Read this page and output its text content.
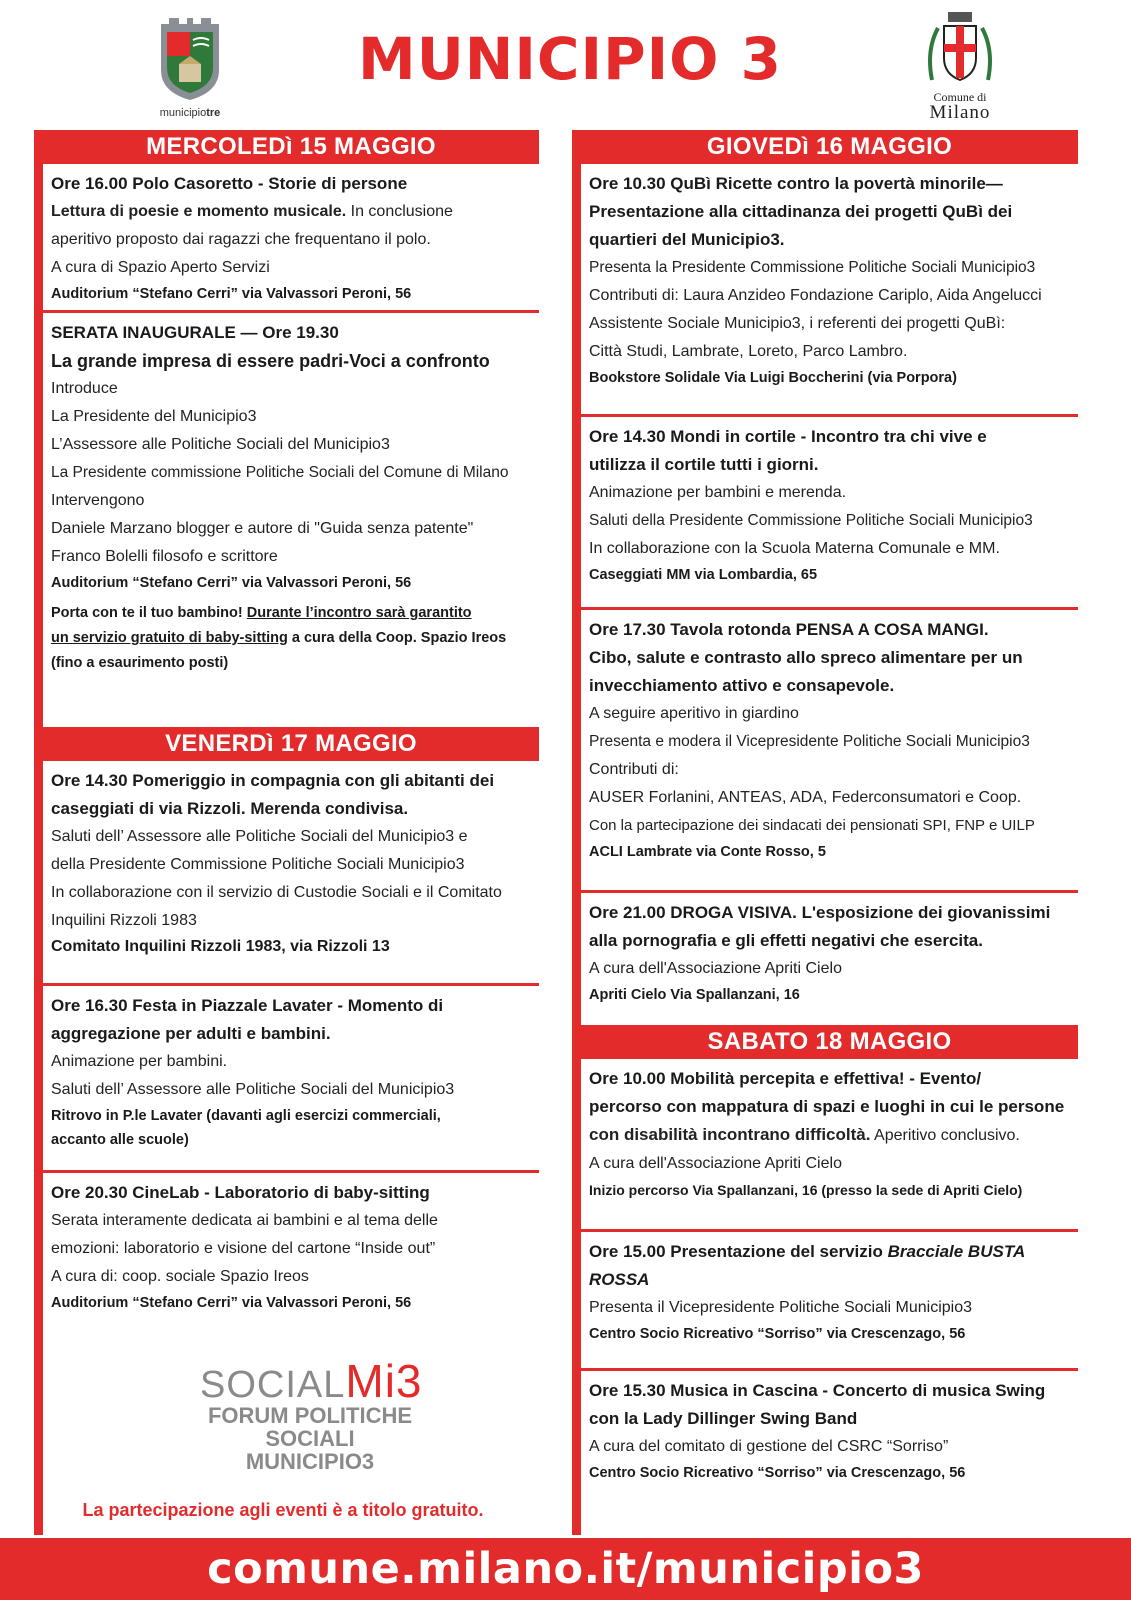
municipiotre
MUNICIPIO 3
Comune di
Milano
MERCOLEDì 15 MAGGIO
Ore 16.00 Polo Casoretto - Storie di persone
Lettura di poesie e momento musicale. In conclusione
aperitivo proposto dai ragazzi che frequentano il polo.
A cura di Spazio Aperto Servizi
Auditorium “Stefano Cerri” via Valvassori Peroni, 56
SERATA INAUGURALE — Ore 19.30
La grande impresa di essere padri-Voci a confronto
Introduce
La Presidente del Municipio3
L’Assessore alle Politiche Sociali del Municipio3
La Presidente commissione Politiche Sociali del Comune di Milano
Intervengono
Daniele Marzano blogger e autore di "Guida senza patente"
Franco Bolelli filosofo e scrittore
Auditorium “Stefano Cerri” via Valvassori Peroni, 56
Porta con te il tuo bambino! Durante l’incontro sarà garantito
un servizio gratuito di baby-sitting a cura della Coop. Spazio Ireos
(fino a esaurimento posti)
VENERDì 17 MAGGIO
Ore 14.30 Pomeriggio in compagnia con gli abitanti dei
caseggiati di via Rizzoli. Merenda condivisa.
Saluti dell’ Assessore alle Politiche Sociali del Municipio3 e
della Presidente Commissione Politiche Sociali Municipio3
In collaborazione con il servizio di Custodie Sociali e il Comitato
Inquilini Rizzoli 1983
Comitato Inquilini Rizzoli 1983, via Rizzoli 13
Ore 16.30 Festa in Piazzale Lavater - Momento di
aggregazione per adulti e bambini.
Animazione per bambini.
Saluti dell’ Assessore alle Politiche Sociali del Municipio3
Ritrovo in P.le Lavater (davanti agli esercizi commerciali,
accanto alle scuole)
Ore 20.30 CineLab - Laboratorio di baby-sitting
Serata interamente dedicata ai bambini e al tema delle
emozioni: laboratorio e visione del cartone “Inside out”
A cura di: coop. sociale Spazio Ireos
Auditorium “Stefano Cerri” via Valvassori Peroni, 56
SOCIALMi3
FORUM POLITICHE SOCIALI
MUNICIPIO3
La partecipazione agli eventi è a titolo gratuito.
GIOVEDì 16 MAGGIO
Ore 10.30 QuBì Ricette contro la povertà minorile—
Presentazione alla cittadinanza dei progetti QuBì dei
quartieri del Municipio3.
Presenta la Presidente Commissione Politiche Sociali Municipio3
Contributi di: Laura Anzideo Fondazione Cariplo, Aida Angelucci
Assistente Sociale Municipio3, i referenti dei progetti QuBì:
Città Studi, Lambrate, Loreto, Parco Lambro.
Bookstore Solidale Via Luigi Boccherini (via Porpora)
Ore 14.30 Mondi in cortile - Incontro tra chi vive e
utilizza il cortile tutti i giorni.
Animazione per bambini e merenda.
Saluti della Presidente Commissione Politiche Sociali Municipio3
In collaborazione con la Scuola Materna Comunale e MM.
Caseggiati MM via Lombardia, 65
Ore 17.30 Tavola rotonda PENSA A COSA MANGI.
Cibo, salute e contrasto allo spreco alimentare per un
invecchiamento attivo e consapevole.
A seguire aperitivo in giardino
Presenta e modera il Vicepresidente Politiche Sociali Municipio3
Contributi di:
AUSER Forlanini, ANTEAS, ADA, Federconsumatori e Coop.
Con la partecipazione dei sindacati dei pensionati SPI, FNP e UILP
ACLI Lambrate via Conte Rosso, 5
Ore 21.00 DROGA VISIVA. L'esposizione dei giovanissimi
alla pornografia e gli effetti negativi che esercita.
A cura dell'Associazione Apriti Cielo
Apriti Cielo Via Spallanzani, 16
SABATO 18 MAGGIO
Ore 10.00 Mobilità percepita e effettiva! - Evento/
percorso con mappatura di spazi e luoghi in cui le persone
con disabilità incontrano difficoltà. Aperitivo conclusivo.
A cura dell'Associazione Apriti Cielo
Inizio percorso Via Spallanzani, 16 (presso la sede di Apriti Cielo)
Ore 15.00 Presentazione del servizio Bracciale BUSTA
ROSSA
Presenta il Vicepresidente Politiche Sociali Municipio3
Centro Socio Ricreativo “Sorriso” via Crescenzago, 56
Ore 15.30 Musica in Cascina - Concerto di musica Swing
con la Lady Dillinger Swing Band
A cura del comitato di gestione del CSRC “Sorriso”
Centro Socio Ricreativo “Sorriso” via Crescenzago, 56
comune.milano.it/municipio3
